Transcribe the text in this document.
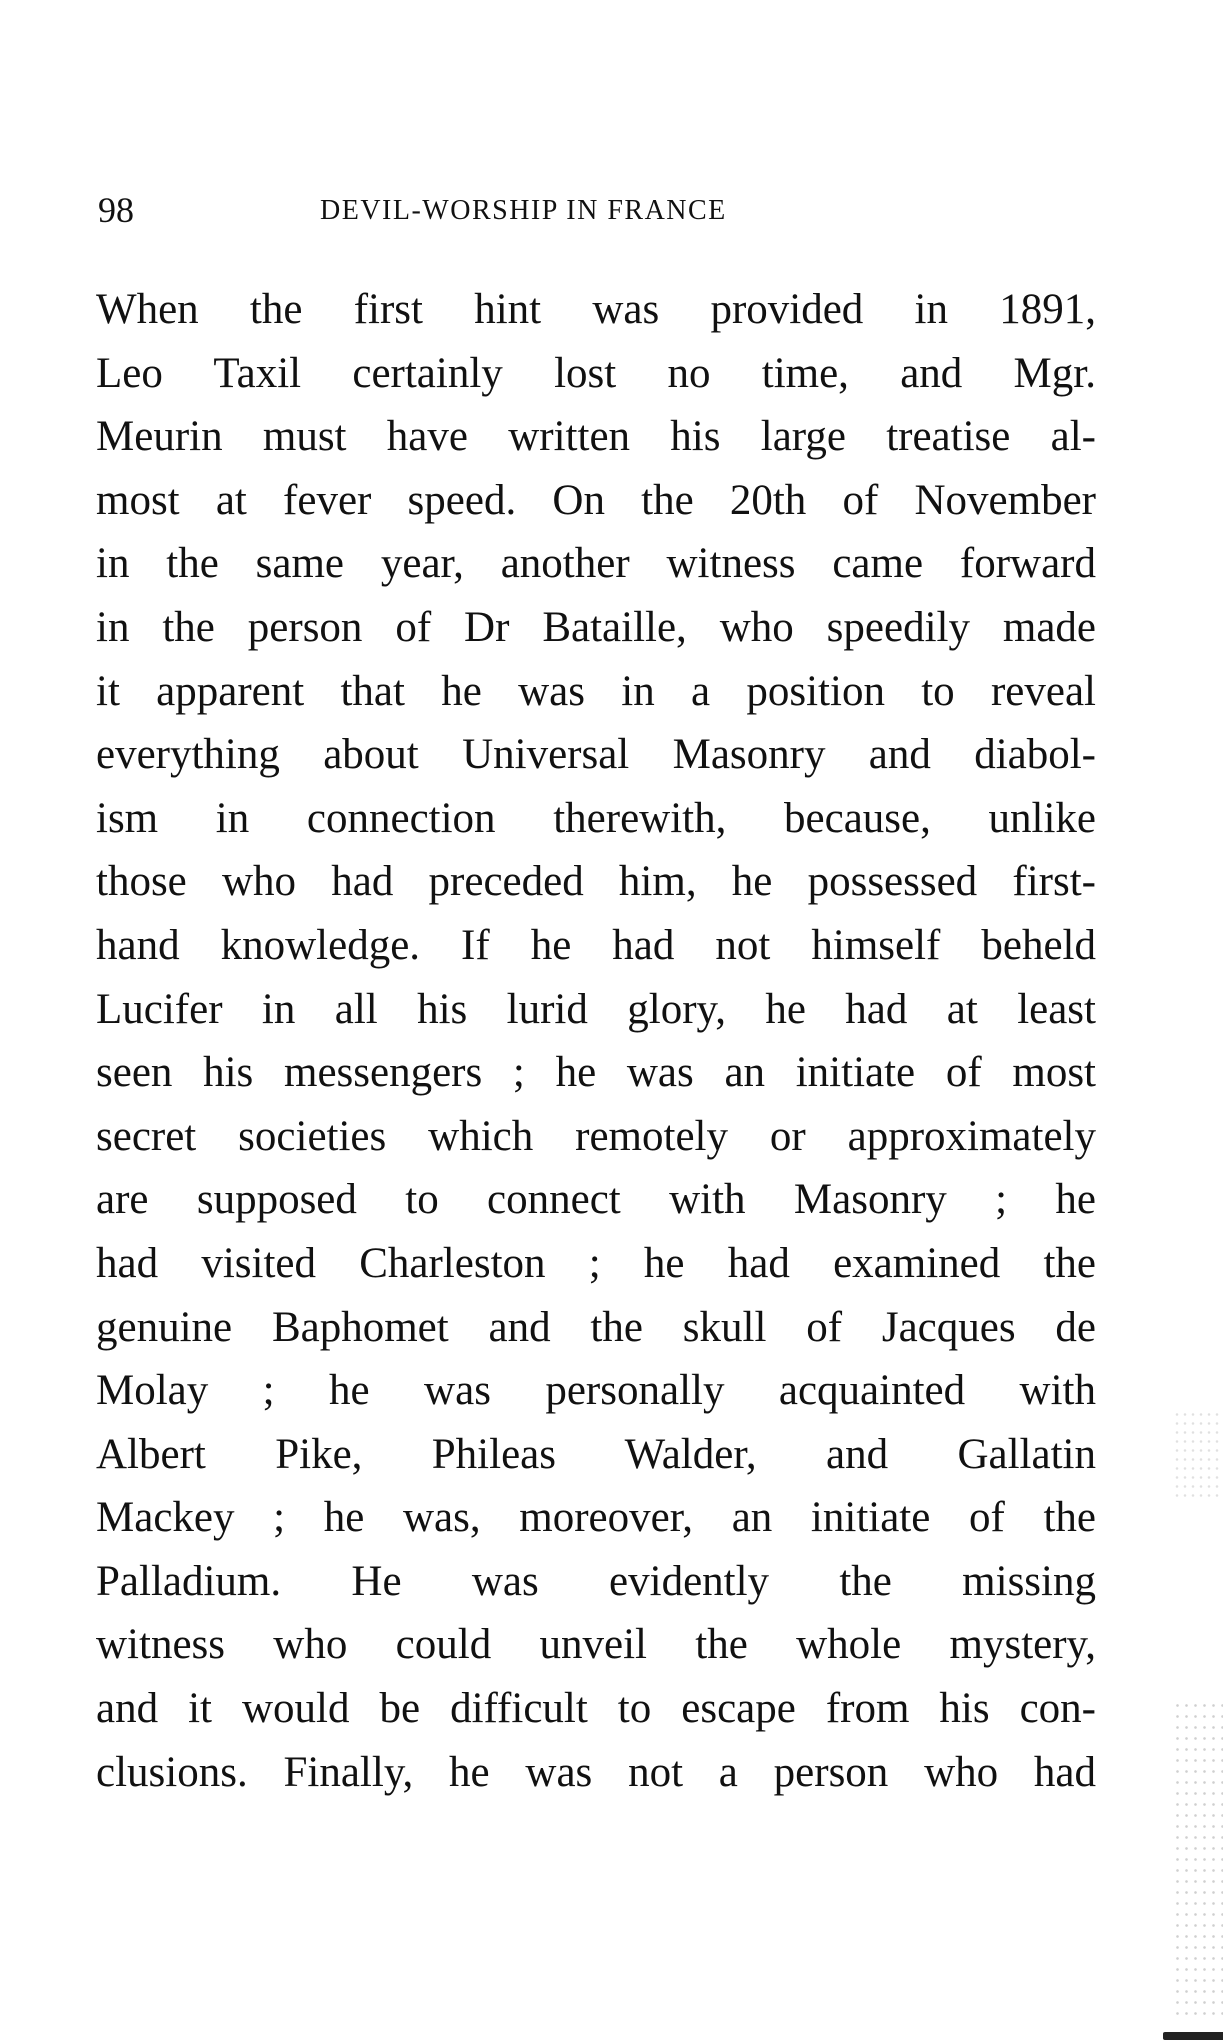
98	DEVIL-WORSHIP IN FRANCE
When the first hint was provided in 1891,
Leo Taxil certainly lost no time, and Mgr.
Meurin must have written his large treatise al-
most at fever speed. On the 20th of November
in the same year, another witness came forward
in the person of Dr Bataille, who speedily made
it apparent that he was in a position to reveal
everything about Universal Masonry and diabol-
ism in connection therewith, because, unlike
those who had preceded him, he possessed first-
hand knowledge. If he had not himself beheld
Lucifer in all his lurid glory, he had at least
seen his messengers ; he was an initiate of most
secret societies which remotely or approximately
are supposed to connect with Masonry ; he
had visited Charleston ; he had examined the
genuine Baphomet and the skull of Jacques de
Molay ; he was personally acquainted with
Albert Pike, Phileas Walder, and Gallatin
Mackey ; he was, moreover, an initiate of the
Palladium. He was evidently the missing
witness who could unveil the whole mystery,
and it would be difficult to escape from his con-
clusions. Finally, he was not a person who had
